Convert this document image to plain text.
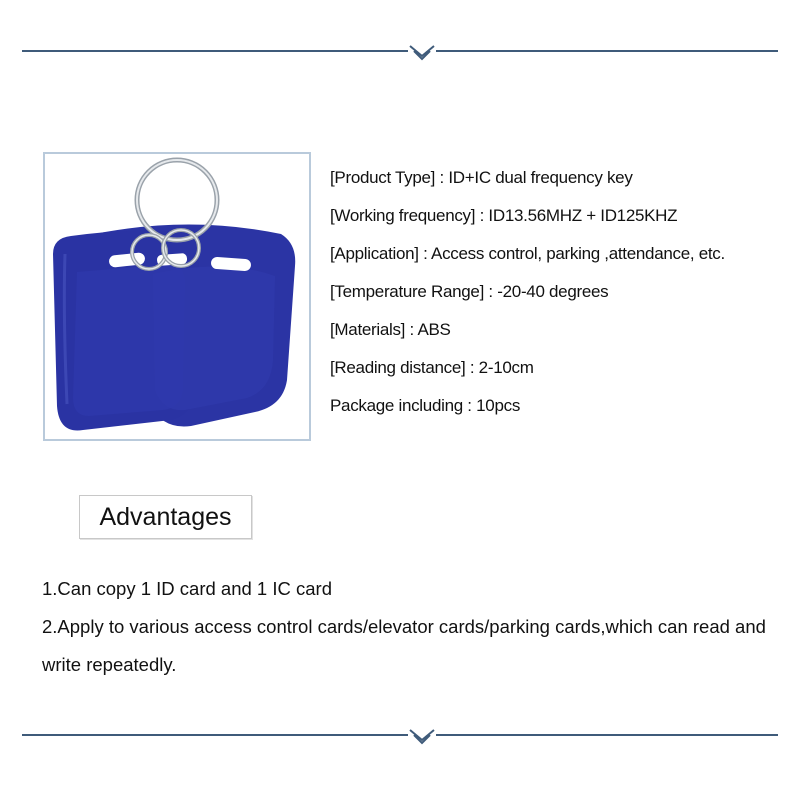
[Product Type] : ID+IC dual frequency key
[Working frequency] : ID13.56MHZ + ID125KHZ
[Application] : Access control, parking ,attendance, etc.
[Temperature Range] : -20-40 degrees
[Materials] : ABS
[Reading distance] : 2-10cm
Package including : 10pcs
Advantages
1.Can copy 1 ID card and 1 IC card
2.Apply to various access control cards/elevator cards/parking cards,which can read and write repeatedly.
